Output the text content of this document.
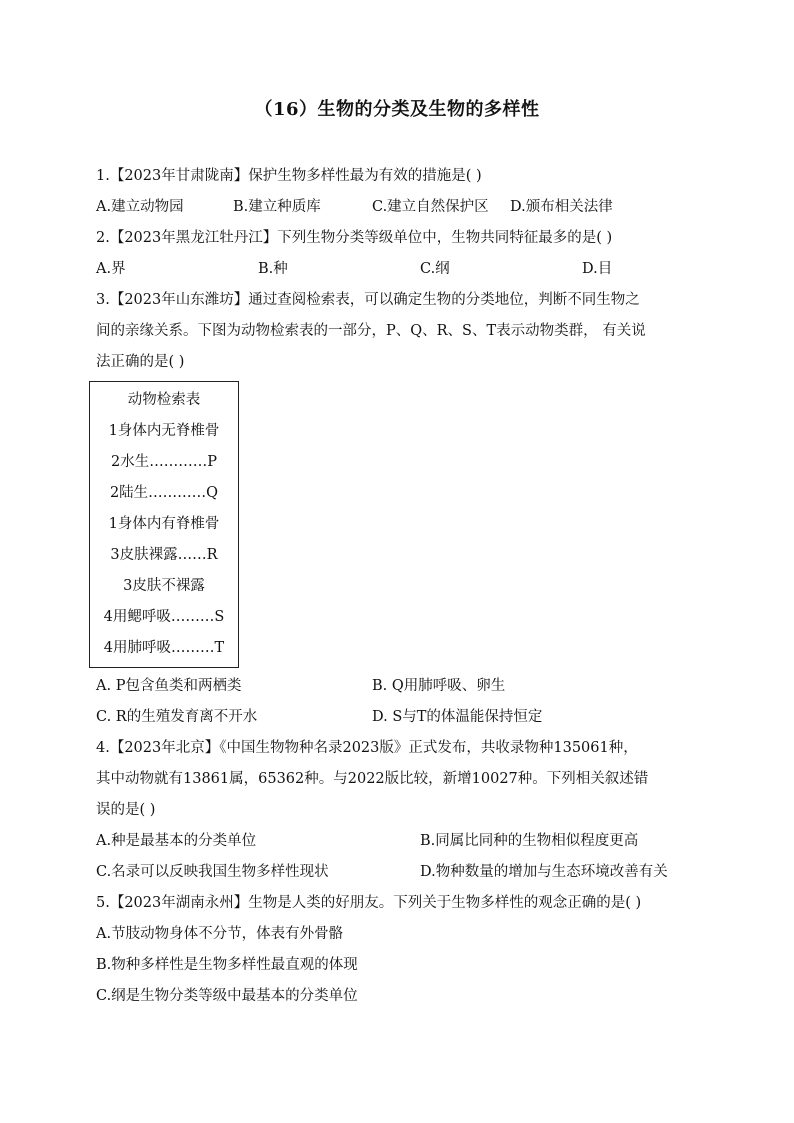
（16）生物的分类及生物的多样性
1.【2023年甘肃陇南】保护生物多样性最为有效的措施是( )
A.建立动物园	B.建立种质库	C.建立自然保护区 D.颁布相关法律
2.【2023年黑龙江牡丹江】下列生物分类等级单位中，生物共同特征最多的是( )
A.界	B.种	C.纲	D.目
3.【2023年山东潍坊】通过查阅检索表，可以确定生物的分类地位，判断不同生物之
间的亲缘关系。下图为动物检索表的一部分，P、Q、R、S、T表示动物类群， 有关说
法正确的是( )
动物检索表
1身体内无脊椎骨
2水生…………P
2陆生…………Q
1身体内有脊椎骨
3皮肤裸露……R
3皮肤不裸露
4用鳃呼吸………S
4用肺呼吸………T
A. P包含鱼类和两栖类	B. Q用肺呼吸、卵生
C. R的生殖发育离不开水	D. S与T的体温能保持恒定
4.【2023年北京】《中国生物物种名录2023版》正式发布，共收录物种135061种，
其中动物就有13861属，65362种。与2022版比较，新增10027种。下列相关叙述错
误的是( )
A.种是最基本的分类单位	B.同属比同种的生物相似程度更高
C.名录可以反映我国生物多样性现状	D.物种数量的增加与生态环境改善有关
5.【2023年湖南永州】生物是人类的好朋友。下列关于生物多样性的观念正确的是( )
A.节肢动物身体不分节，体表有外骨骼
B.物种多样性是生物多样性最直观的体现
C.纲是生物分类等级中最基本的分类单位
